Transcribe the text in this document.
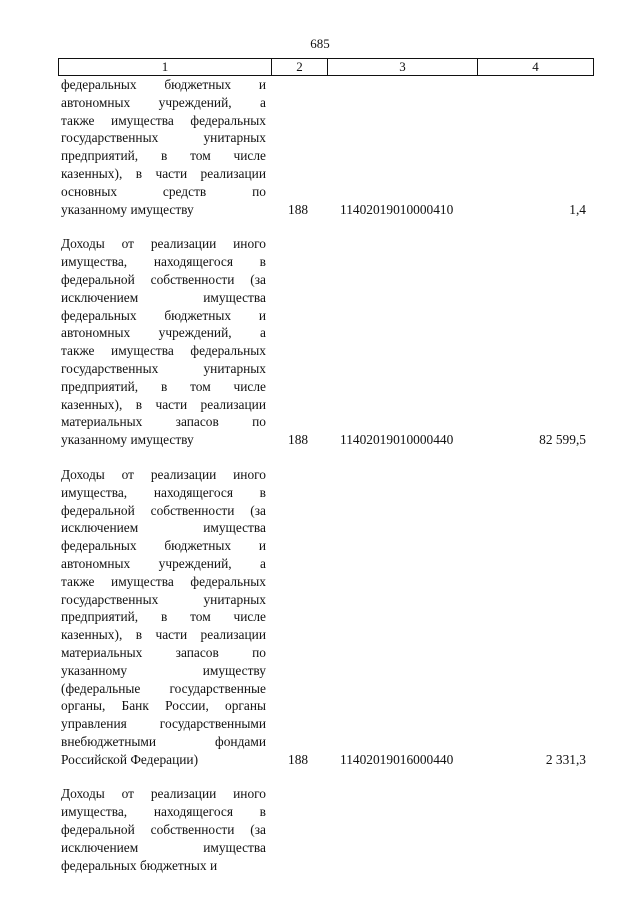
685
1	2	3	4
федеральных бюджетных и
автономных учреждений, а
также имущества федеральных
государственных унитарных
предприятий, в том числе
казенных), в части реализации
основных средств по
указанному имуществу	188	11402019010000410	1,4
Доходы от реализации иного
имущества, находящегося в
федеральной собственности (за
исключением имущества
федеральных бюджетных и
автономных учреждений, а
также имущества федеральных
государственных унитарных
предприятий, в том числе
казенных), в части реализации
материальных запасов по
указанному имуществу	188	11402019010000440	82 599,5
Доходы от реализации иного
имущества, находящегося в
федеральной собственности (за
исключением имущества
федеральных бюджетных и
автономных учреждений, а
также имущества федеральных
государственных унитарных
предприятий, в том числе
казенных), в части реализации
материальных запасов по
указанному имуществу
(федеральные государственные
органы, Банк России, органы
управления государственными
внебюджетными фондами
Российской Федерации)	188	11402019016000440	2 331,3
Доходы от реализации иного
имущества, находящегося в
федеральной собственности (за
исключением имущества
федеральных бюджетных и
